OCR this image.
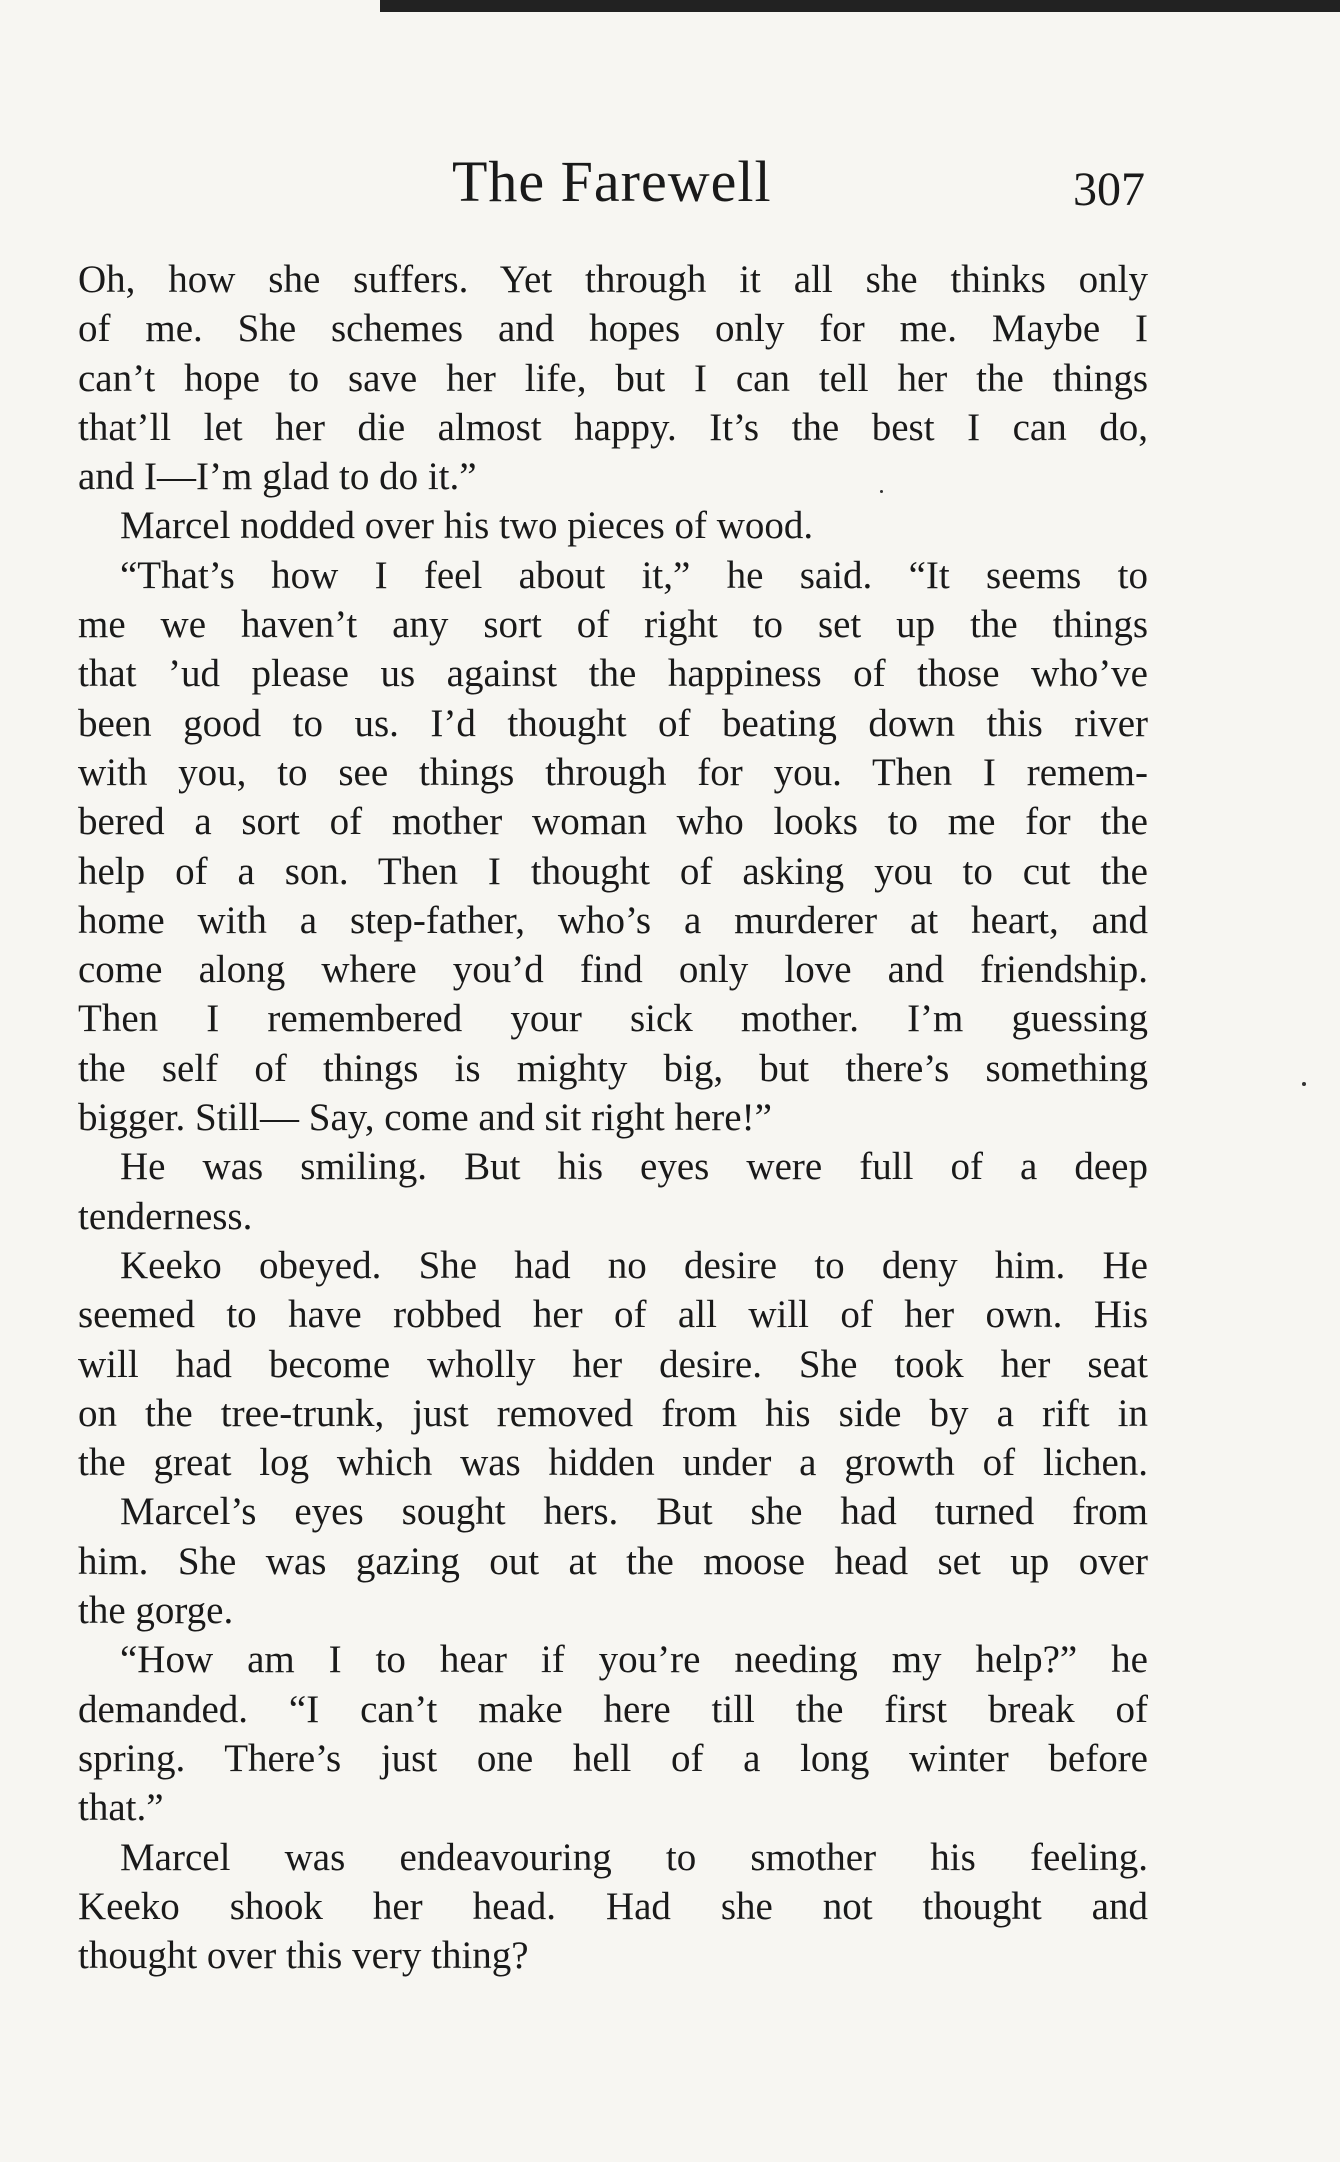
The Farewell	307
Oh, how she suffers. Yet through it all she thinks only
of me. She schemes and hopes only for me. Maybe I
can’t hope to save her life, but I can tell her the things
that’ll let her die almost happy. It’s the best I can do,
and I—I’m glad to do it.”
Marcel nodded over his two pieces of wood.
“That’s how I feel about it,” he said. “It seems to
me we haven’t any sort of right to set up the things
that ’ud please us against the happiness of those who’ve
been good to us. I’d thought of beating down this river
with you, to see things through for you. Then I remem-
bered a sort of mother woman who looks to me for the
help of a son. Then I thought of asking you to cut the
home with a step-father, who’s a murderer at heart, and
come along where you’d find only love and friendship.
Then I remembered your sick mother. I’m guessing
the self of things is mighty big, but there’s something
bigger. Still— Say, come and sit right here!”
He was smiling. But his eyes were full of a deep
tenderness.
Keeko obeyed. She had no desire to deny him. He
seemed to have robbed her of all will of her own. His
will had become wholly her desire. She took her seat
on the tree-trunk, just removed from his side by a rift in
the great log which was hidden under a growth of lichen.
Marcel’s eyes sought hers. But she had turned from
him. She was gazing out at the moose head set up over
the gorge.
“How am I to hear if you’re needing my help?” he
demanded. “I can’t make here till the first break of
spring. There’s just one hell of a long winter before
that.”
Marcel was endeavouring to smother his feeling.
Keeko shook her head. Had she not thought and
thought over this very thing?
